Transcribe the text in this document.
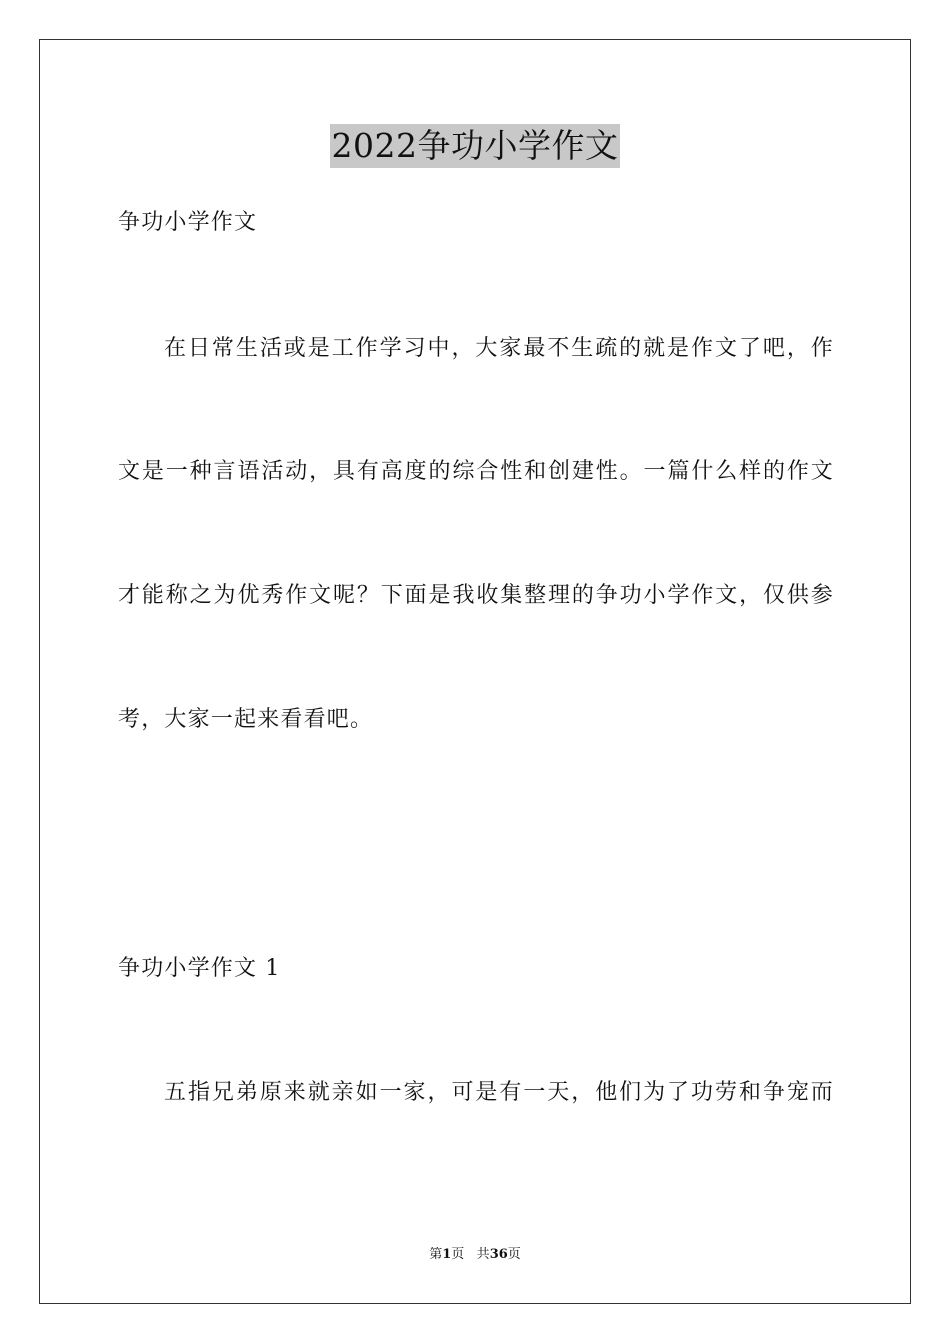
2022争功小学作文
争功小学作文
在日常生活或是工作学习中，大家最不生疏的就是作文了吧，作
文是一种言语活动，具有高度的综合性和创建性。一篇什么样的作文
才能称之为优秀作文呢？下面是我收集整理的争功小学作文，仅供参
考，大家一起来看看吧。
争功小学作文 1
五指兄弟原来就亲如一家，可是有一天，他们为了功劳和争宠而
第1页 共36页
